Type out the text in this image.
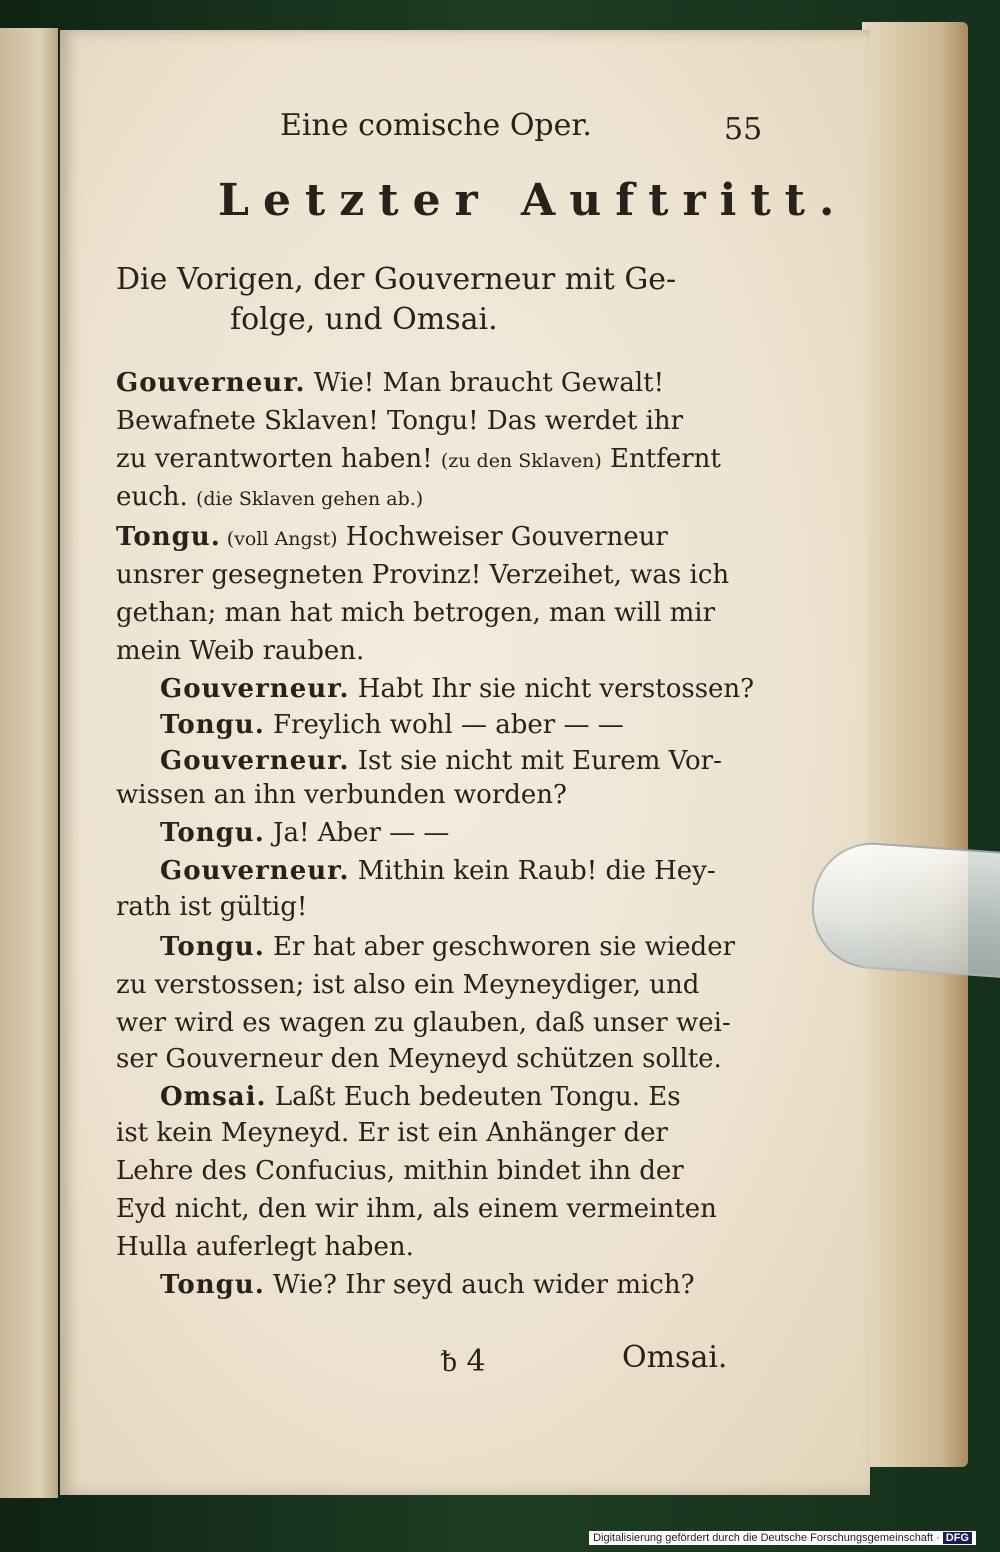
Eine comische Oper.	55
Letzter Auftritt.
Die Vorigen, der Gouverneur mit Ge-
folge, und Omsai.
Gouverneur. Wie! Man braucht Gewalt!
Bewafnete Sklaven! Tongu! Das werdet ihr
zu verantworten haben! (zu den Sklaven) Entfernt
euch. (die Sklaven gehen ab.)
Tongu. (voll Angst) Hochweiser Gouverneur
unsrer gesegneten Provinz! Verzeihet, was ich
gethan; man hat mich betrogen, man will mir
mein Weib rauben.
Gouverneur. Habt Ihr sie nicht verstossen?
Tongu. Freylich wohl — aber — —
Gouverneur. Ist sie nicht mit Eurem Vor-
wissen an ihn verbunden worden?
Tongu. Ja! Aber — —
Gouverneur. Mithin kein Raub! die Hey-
rath ist gültig!
Tongu. Er hat aber geschworen sie wieder
zu verstossen; ist also ein Meyneydiger, und
wer wird es wagen zu glauben, daß unser wei-
ser Gouverneur den Meyneyd schützen sollte.
Omsai. Laßt Euch bedeuten Tongu. Es
ist kein Meyneyd. Er ist ein Anhänger der
Lehre des Confucius, mithin bindet ihn der
Eyd nicht, den wir ihm, als einem vermeinten
Hulla auferlegt haben.
Tongu. Wie? Ihr seyd auch wider mich?
ᵬ 4	Omsai.
Digitalisierung gefördert durch die Deutsche Forschungsgemeinschaft · DFG
